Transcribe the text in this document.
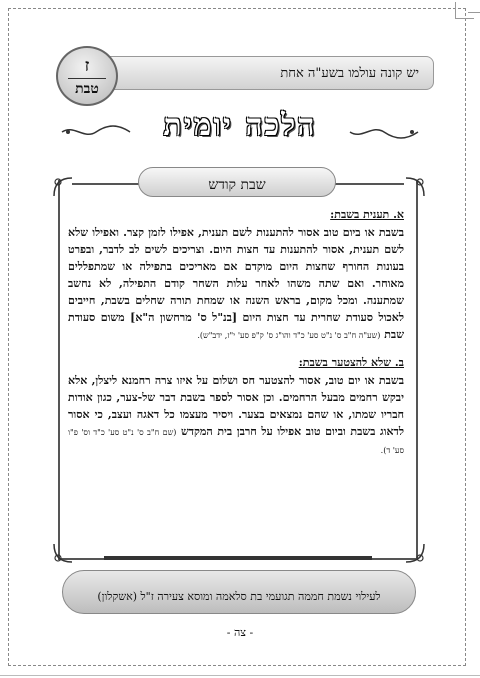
יש קונה עולמו בשע"ה אחת
ז
טבת
הלכה יומית
שבת קודש

א. תענית בשבת:

בשבת או ביום טוב אסור להתענות לשם תענית, אפילו לזמן קצר. ואפילו שלא לשם תענית, אסור להתענות עד חצות היום. וצריכים לשים לב לדבר, ובפרט בעונות החורף שחצות היום מוקדם אם מאריכים בתפילה או שמתפללים מאוחר. ואם שתה משהו לאחר עלות השחר קודם התפילה, לא נחשב שמתענה. ומכל מקום, בראש השנה או שמחת תורה שחלים בשבת, חייבים לאכול סעודת שחרית עד חצות היום [בנ"ל ס' מרחשון ה"א] משום סעודת שבת (שע"ה ח"ב ס' נ"ט סע' כ"ד והו"ג ס' ק"פ סע' י"ז, ידב"ש).

ב. שלא להצטער בשבת:

בשבת או יום טוב, אסור להצטער חס ושלום על איזו צרה רחמנא ליצלן, אלא יבקש רחמים מבעל הרחמים. וכן אסור לספר בשבת דבר של-צער, כגון אודות חבריו שמתו, או שהם נמצאים בצער. ויסיר מעצמו כל דאגה ועצב, כי אסור לדאוג בשבת וביום טוב אפילו על חרבן בית המקדש (שם ח"ב ס' נ"ט סע' כ"ד וס' פ"ו סע' ד).

$_{לעילוי נשמת חממה תגועמי בת סלאמה ומוסא צעירה ז"ל (אשקלון)}$
- צה -
